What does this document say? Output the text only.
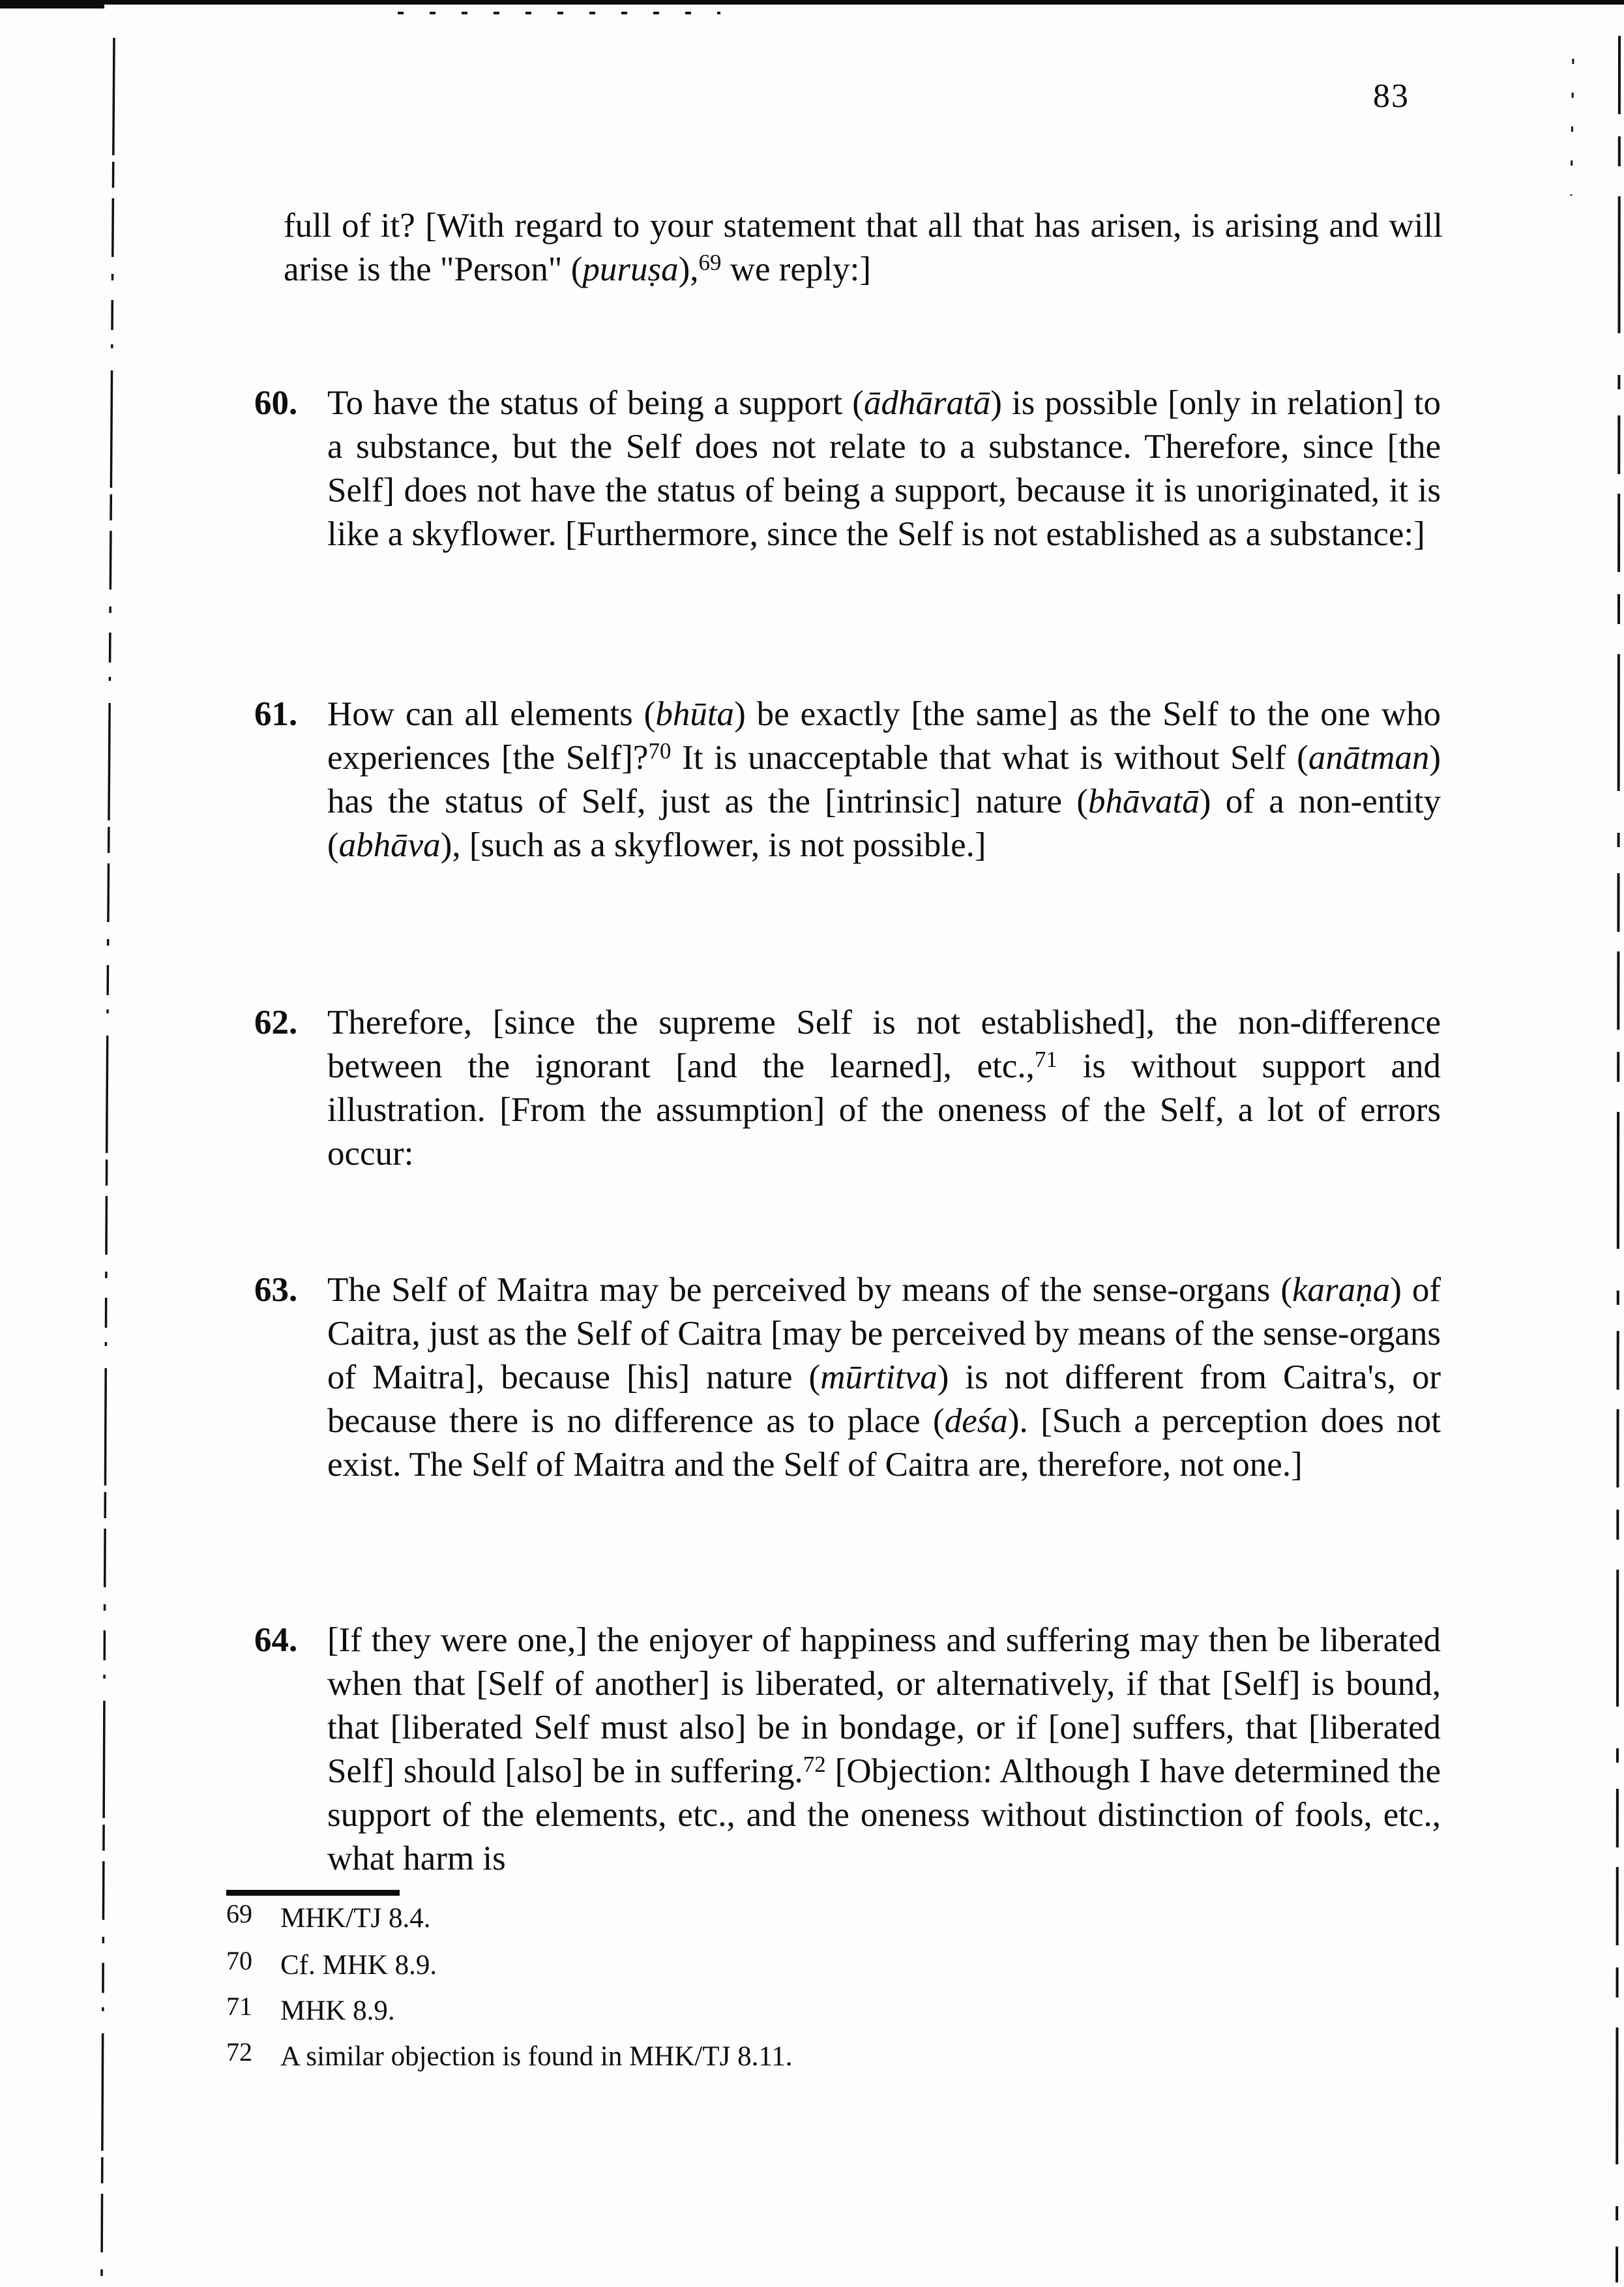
83
full of it? [With regard to your statement that all that has arisen, is arising and will arise is the "Person" (puruṣa),$^{69}$ we reply:]
60. To have the status of being a support (ādhāratā) is possible [only in relation] to a substance, but the Self does not relate to a substance. Therefore, since [the Self] does not have the status of being a support, because it is unoriginated, it is like a skyflower. [Furthermore, since the Self is not established as a substance:]
61. How can all elements (bhūta) be exactly [the same] as the Self to the one who experiences [the Self]?$^{70}$ It is unacceptable that what is without Self (anātman) has the status of Self, just as the [intrinsic] nature (bhāvatā) of a non-entity (abhāva), [such as a skyflower, is not possible.]
62. Therefore, [since the supreme Self is not established], the non-difference between the ignorant [and the learned], etc.,$^{71}$ is without support and illustration. [From the assumption] of the oneness of the Self, a lot of errors occur:
63. The Self of Maitra may be perceived by means of the sense-organs (karaṇa) of Caitra, just as the Self of Caitra [may be perceived by means of the sense-organs of Maitra], because [his] nature (mūrtitva) is not different from Caitra's, or because there is no difference as to place (deśa). [Such a perception does not exist. The Self of Maitra and the Self of Caitra are, therefore, not one.]
64. [If they were one,] the enjoyer of happiness and suffering may then be liberated when that [Self of another] is liberated, or alternatively, if that [Self] is bound, that [liberated Self must also] be in bondage, or if [one] suffers, that [liberated Self] should [also] be in suffering.$^{72}$ [Objection: Although I have determined the support of the elements, etc., and the oneness without distinction of fools, etc., what harm is
69 MHK/TJ 8.4.
70 Cf. MHK 8.9.
71 MHK 8.9.
72 A similar objection is found in MHK/TJ 8.11.
